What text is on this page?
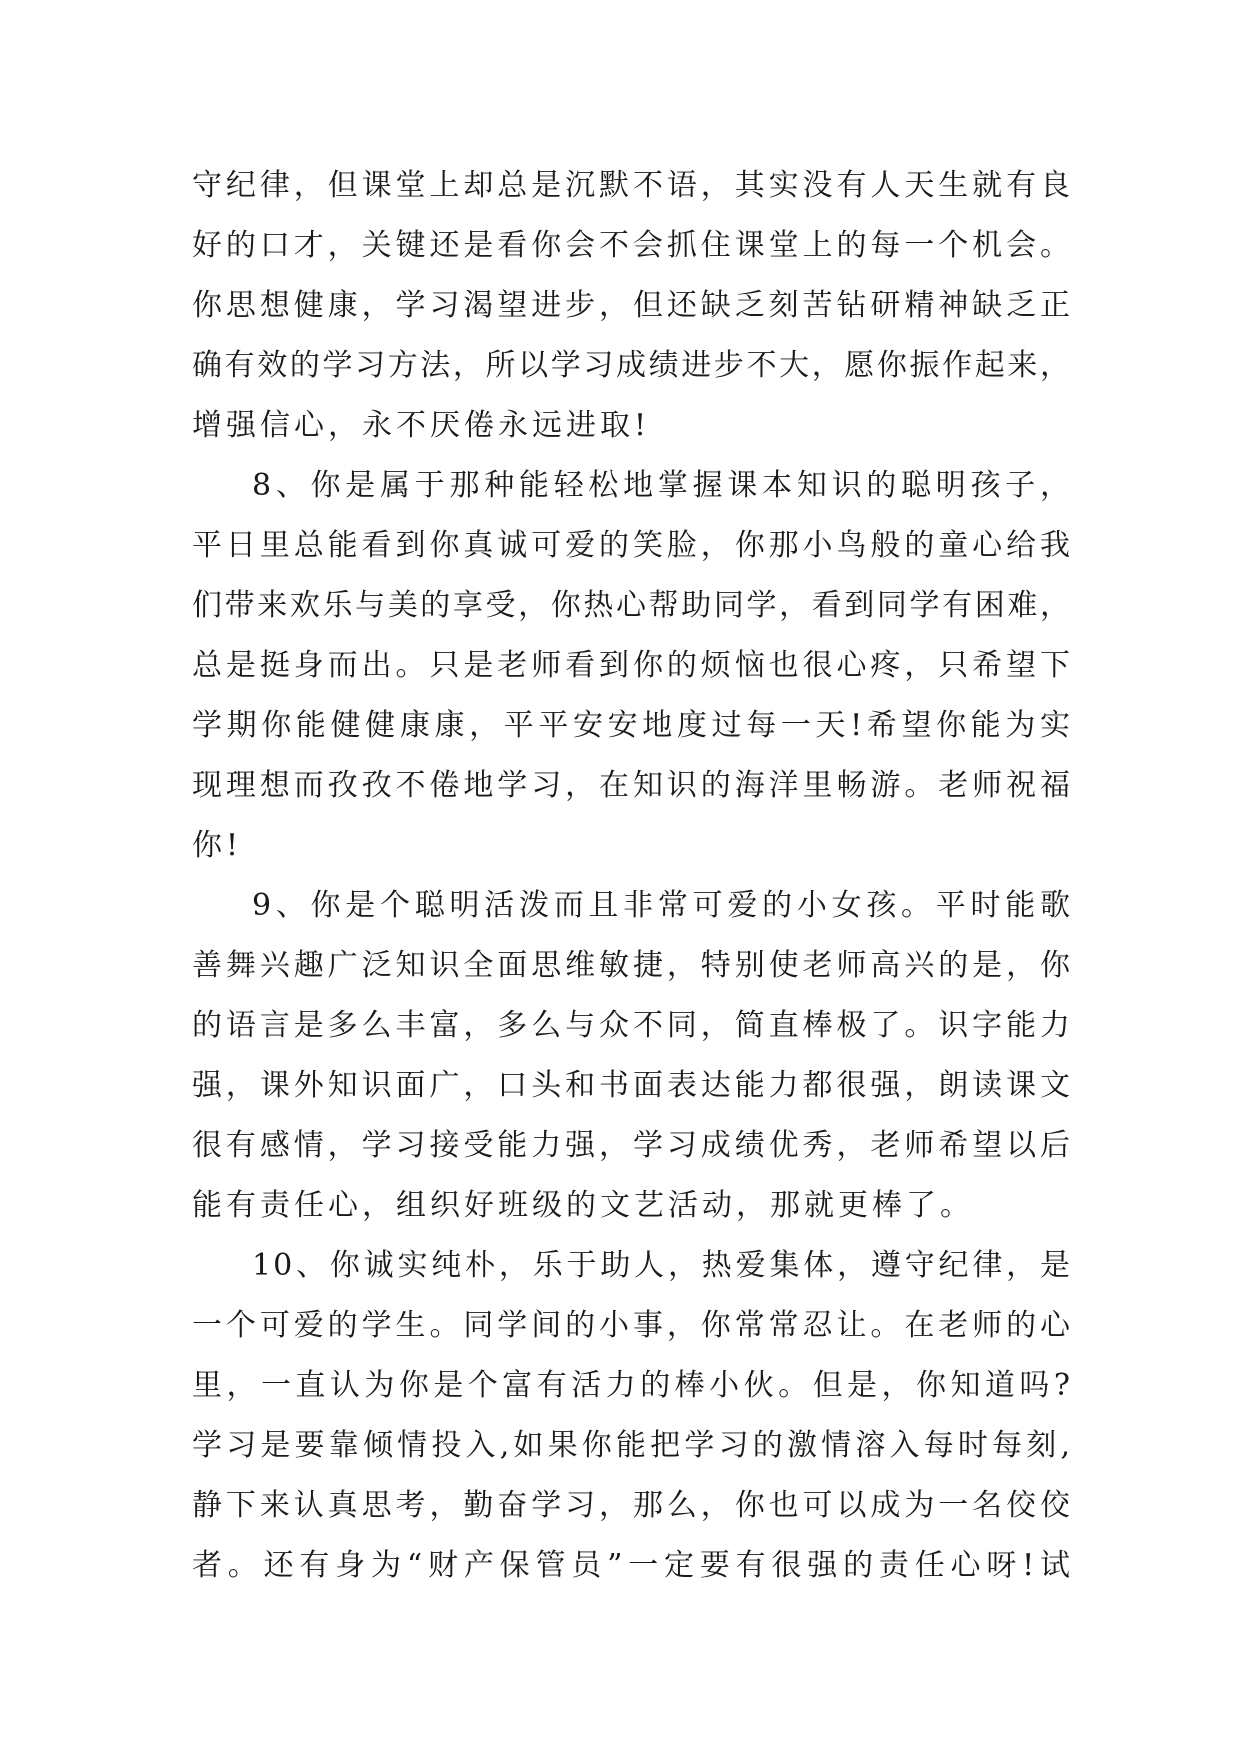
守纪律，但课堂上却总是沉默不语，其实没有人天生就有良
好的口才，关键还是看你会不会抓住课堂上的每一个机会。
你思想健康，学习渴望进步，但还缺乏刻苦钻研精神缺乏正
确有效的学习方法，所以学习成绩进步不大，愿你振作起来，
增强信心，永不厌倦永远进取!
8、你是属于那种能轻松地掌握课本知识的聪明孩子，
平日里总能看到你真诚可爱的笑脸，你那小鸟般的童心给我
们带来欢乐与美的享受，你热心帮助同学，看到同学有困难，
总是挺身而出。只是老师看到你的烦恼也很心疼，只希望下
学期你能健健康康，平平安安地度过每一天!希望你能为实
现理想而孜孜不倦地学习，在知识的海洋里畅游。老师祝福
你!
9、你是个聪明活泼而且非常可爱的小女孩。平时能歌
善舞兴趣广泛知识全面思维敏捷，特别使老师高兴的是，你
的语言是多么丰富，多么与众不同，简直棒极了。识字能力
强，课外知识面广，口头和书面表达能力都很强，朗读课文
很有感情，学习接受能力强，学习成绩优秀，老师希望以后
能有责任心，组织好班级的文艺活动，那就更棒了。
10、你诚实纯朴，乐于助人，热爱集体，遵守纪律，是
一个可爱的学生。同学间的小事，你常常忍让。在老师的心
里，一直认为你是个富有活力的棒小伙。但是，你知道吗?
学习是要靠倾情投入,如果你能把学习的激情溶入每时每刻,
静下来认真思考，勤奋学习，那么，你也可以成为一名佼佼
者。还有身为“财产保管员”一定要有很强的责任心呀!试
